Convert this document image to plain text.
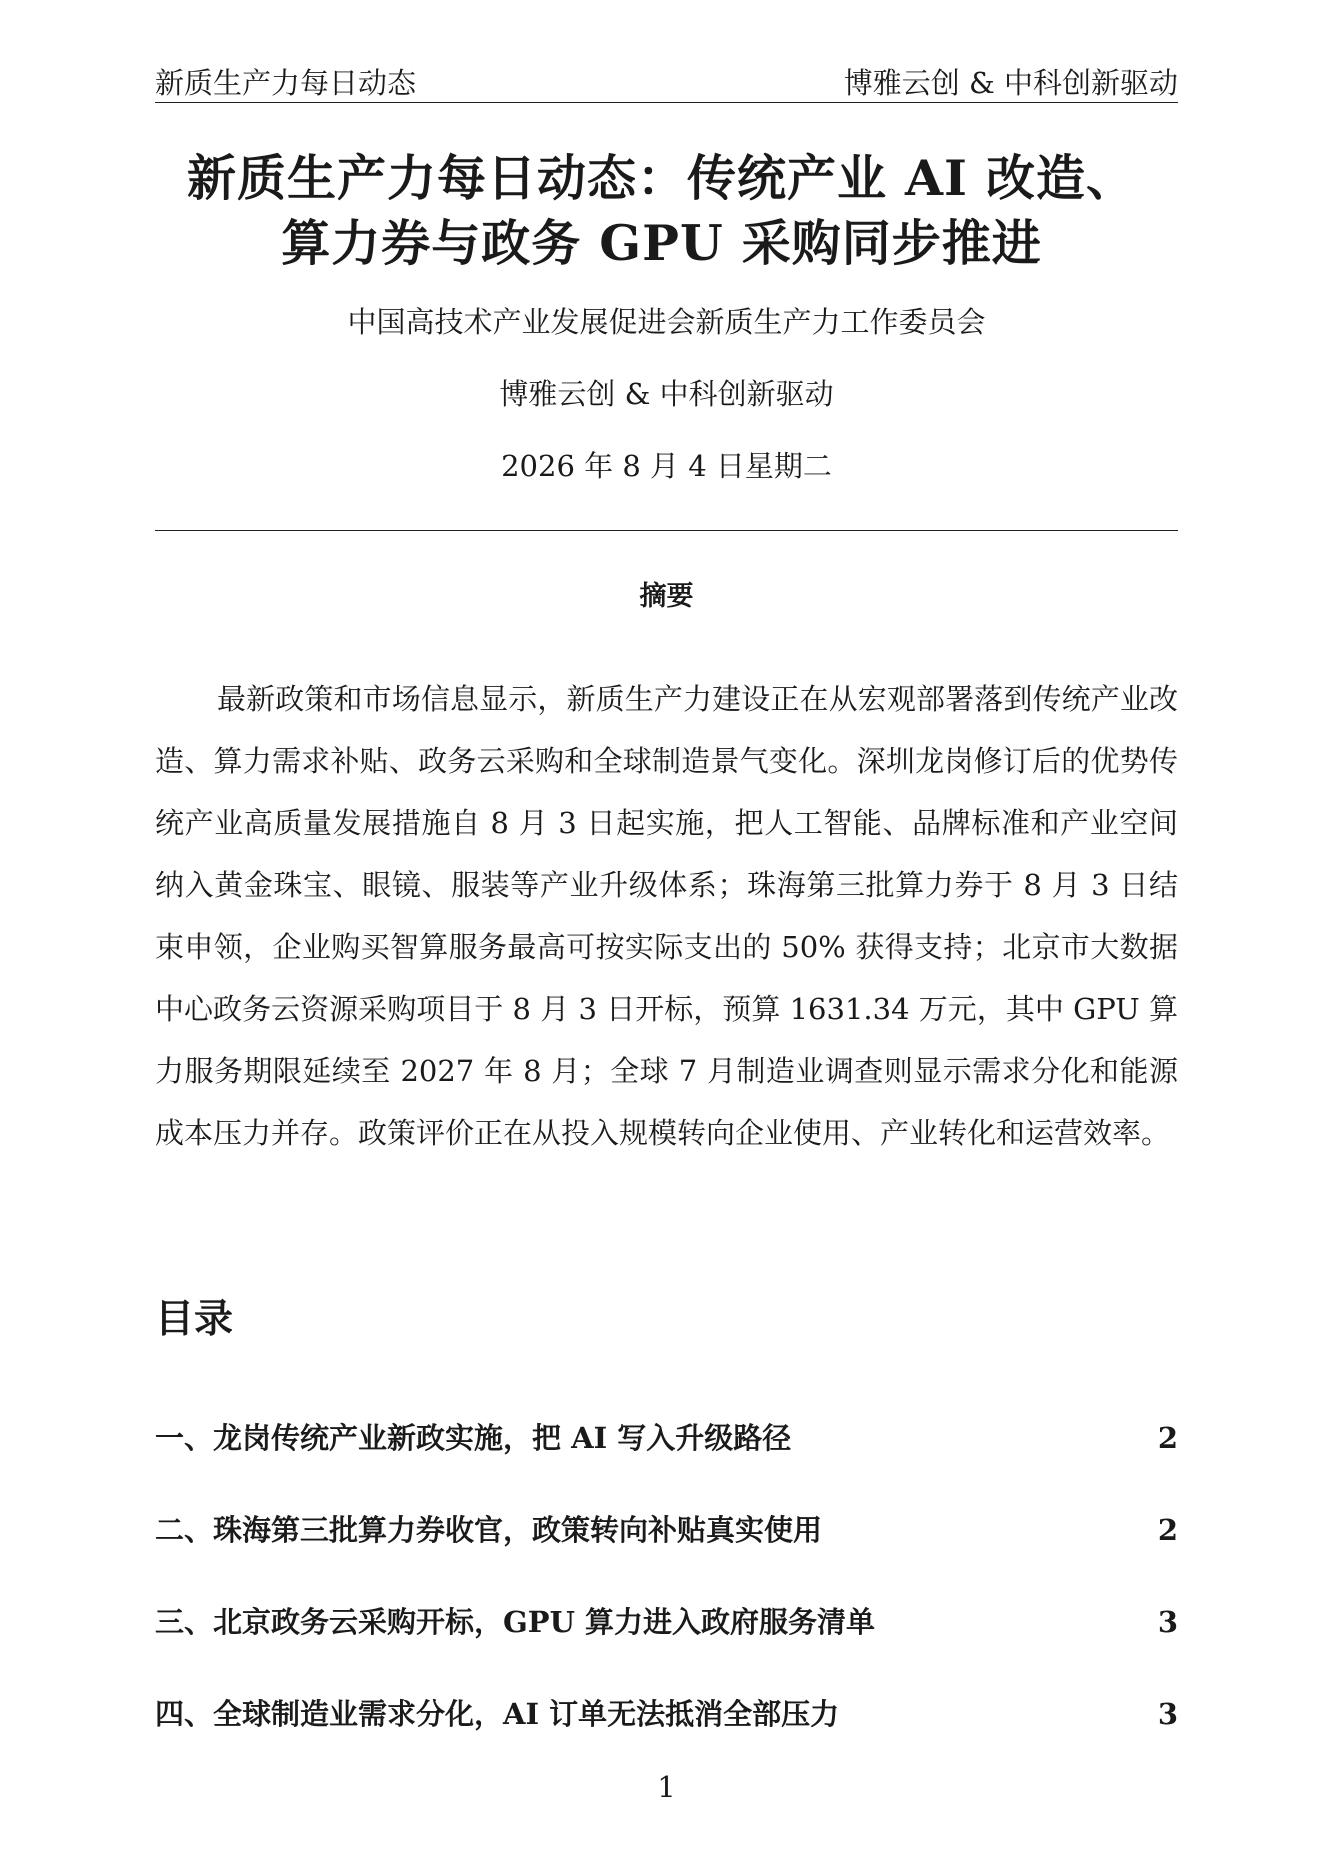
新质生产力每日动态	博雅云创 & 中科创新驱动
新质生产力每日动态：传统产业 AI 改造、
算力券与政务 GPU 采购同步推进
中国高技术产业发展促进会新质生产力工作委员会
博雅云创 & 中科创新驱动
2026 年 8 月 4 日星期二
摘要

最新政策和市场信息显示，新质生产力建设正在从宏观部署落到传统产业改造、算力需求补贴、政务云采购和全球制造景气变化。深圳龙岗修订后的优势传统产业高质量发展措施自 8 月 3 日起实施，把人工智能、品牌标准和产业空间纳入黄金珠宝、眼镜、服装等产业升级体系；珠海第三批算力券于 8 月 3 日结束申领，企业购买智算服务最高可按实际支出的 50% 获得支持；北京市大数据中心政务云资源采购项目于 8 月 3 日开标，预算 1631.34 万元，其中 GPU 算力服务期限延续至 2027 年 8 月；全球 7 月制造业调查则显示需求分化和能源成本压力并存。政策评价正在从投入规模转向企业使用、产业转化和运营效率。

目录
一、龙岗传统产业新政实施，把 AI 写入升级路径	2
二、珠海第三批算力券收官，政策转向补贴真实使用	2
三、北京政务云采购开标，GPU 算力进入政府服务清单	3
四、全球制造业需求分化，AI 订单无法抵消全部压力	3
1
